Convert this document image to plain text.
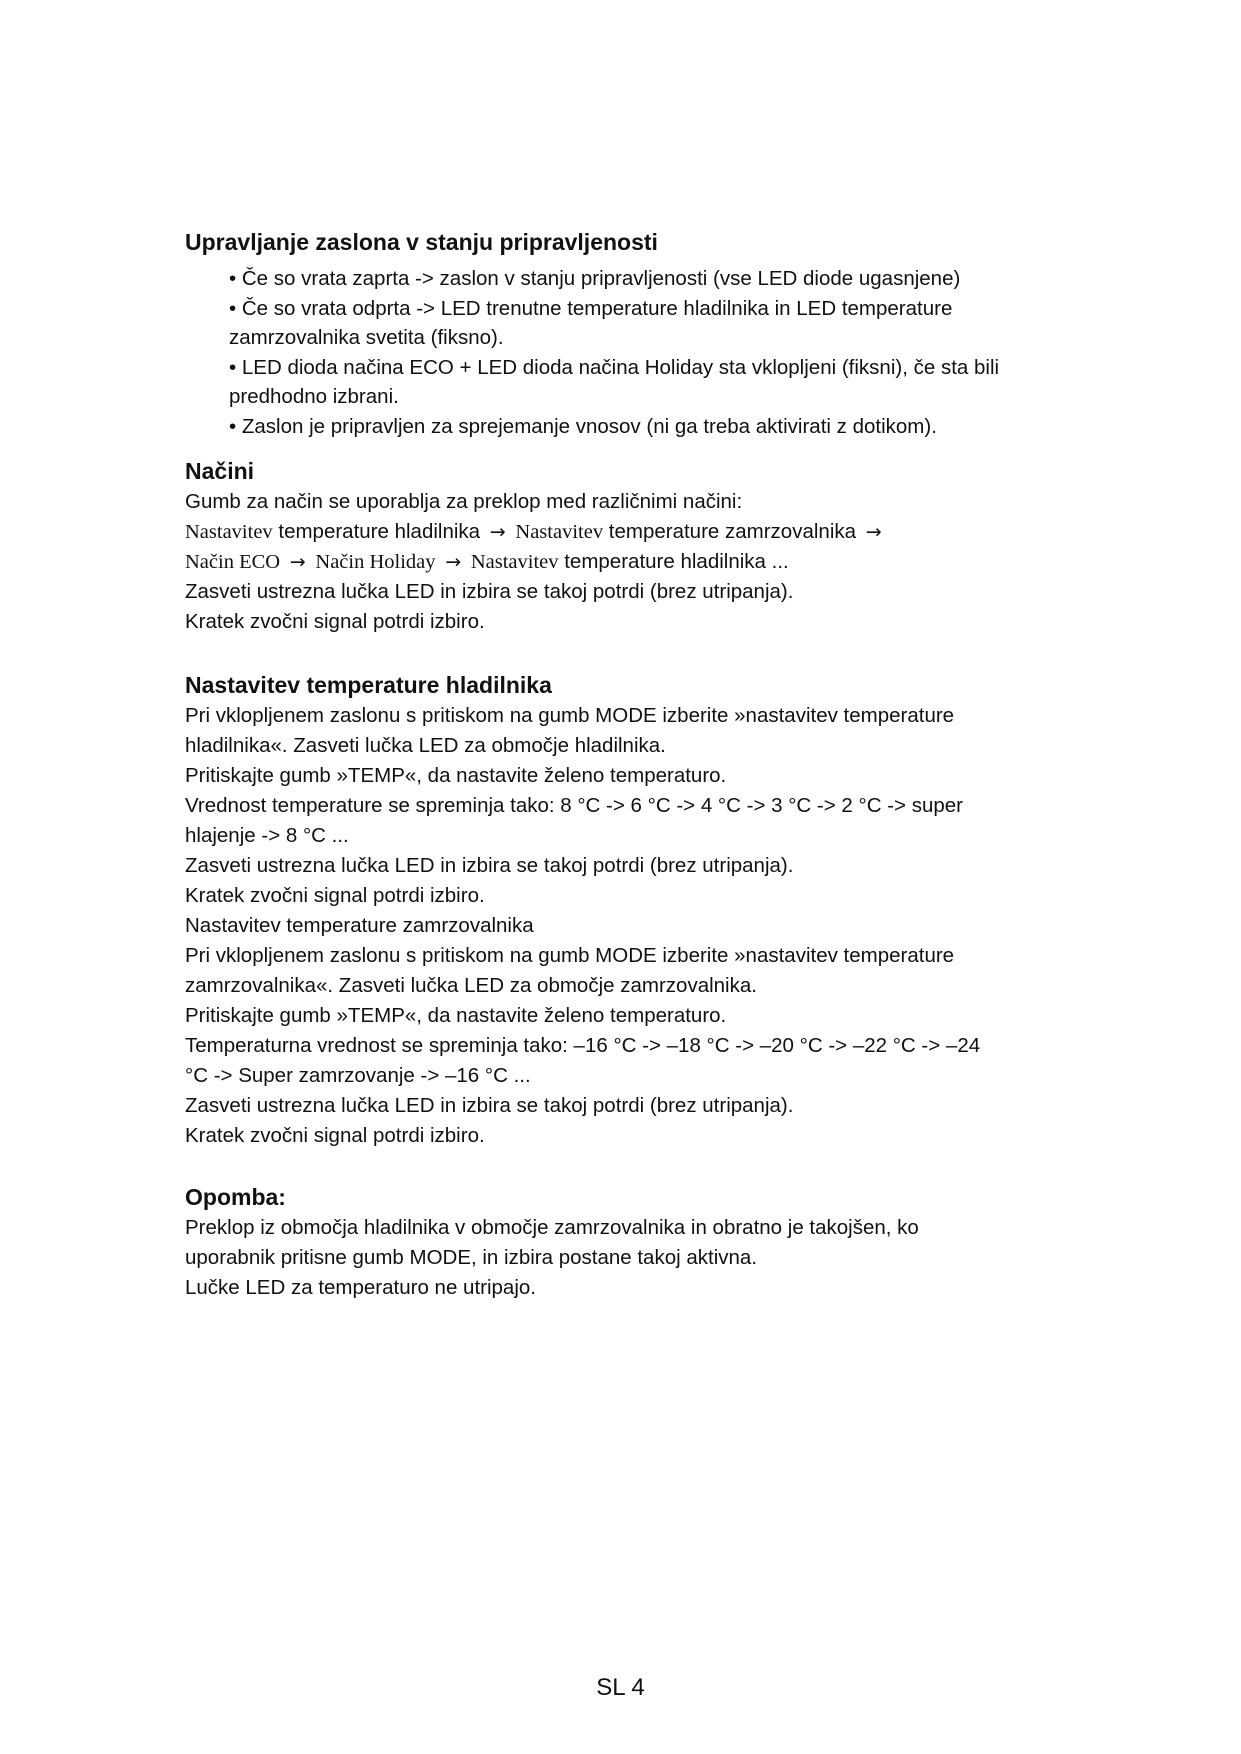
Upravljanje zaslona v stanju pripravljenosti
• Če so vrata zaprta -> zaslon v stanju pripravljenosti (vse LED diode ugasnjene)
• Če so vrata odprta -> LED trenutne temperature hladilnika in LED temperature
zamrzovalnika svetita (fiksno).
• LED dioda načina ECO + LED dioda načina Holiday sta vklopljeni (fiksni), če sta bili
predhodno izbrani.
• Zaslon je pripravljen za sprejemanje vnosov (ni ga treba aktivirati z dotikom).
Načini

Gumb za način se uporablja za preklop med različnimi načini:

Nastavitev temperature hladilnika → Nastavitev temperature zamrzovalnika →

Način ECO → Način Holiday → Nastavitev temperature hladilnika ...

Zasveti ustrezna lučka LED in izbira se takoj potrdi (brez utripanja).

Kratek zvočni signal potrdi izbiro.

Nastavitev temperature hladilnika

Pri vklopljenem zaslonu s pritiskom na gumb MODE izberite »nastavitev temperature

hladilnika«. Zasveti lučka LED za območje hladilnika.

Pritiskajte gumb »TEMP«, da nastavite želeno temperaturo.

Vrednost temperature se spreminja tako: 8 °C -> 6 °C -> 4 °C -> 3 °C -> 2 °C -> super

hlajenje -> 8 °C ...

Zasveti ustrezna lučka LED in izbira se takoj potrdi (brez utripanja).

Kratek zvočni signal potrdi izbiro.

Nastavitev temperature zamrzovalnika

Pri vklopljenem zaslonu s pritiskom na gumb MODE izberite »nastavitev temperature

zamrzovalnika«. Zasveti lučka LED za območje zamrzovalnika.

Pritiskajte gumb »TEMP«, da nastavite želeno temperaturo.

Temperaturna vrednost se spreminja tako: –16 °C -> –18 °C -> –20 °C -> –22 °C -> –24

°C -> Super zamrzovanje -> –16 °C ...

Zasveti ustrezna lučka LED in izbira se takoj potrdi (brez utripanja).

Kratek zvočni signal potrdi izbiro.

Opomba:

Preklop iz območja hladilnika v območje zamrzovalnika in obratno je takojšen, ko

uporabnik pritisne gumb MODE, in izbira postane takoj aktivna.

Lučke LED za temperaturo ne utripajo.

SL 4
